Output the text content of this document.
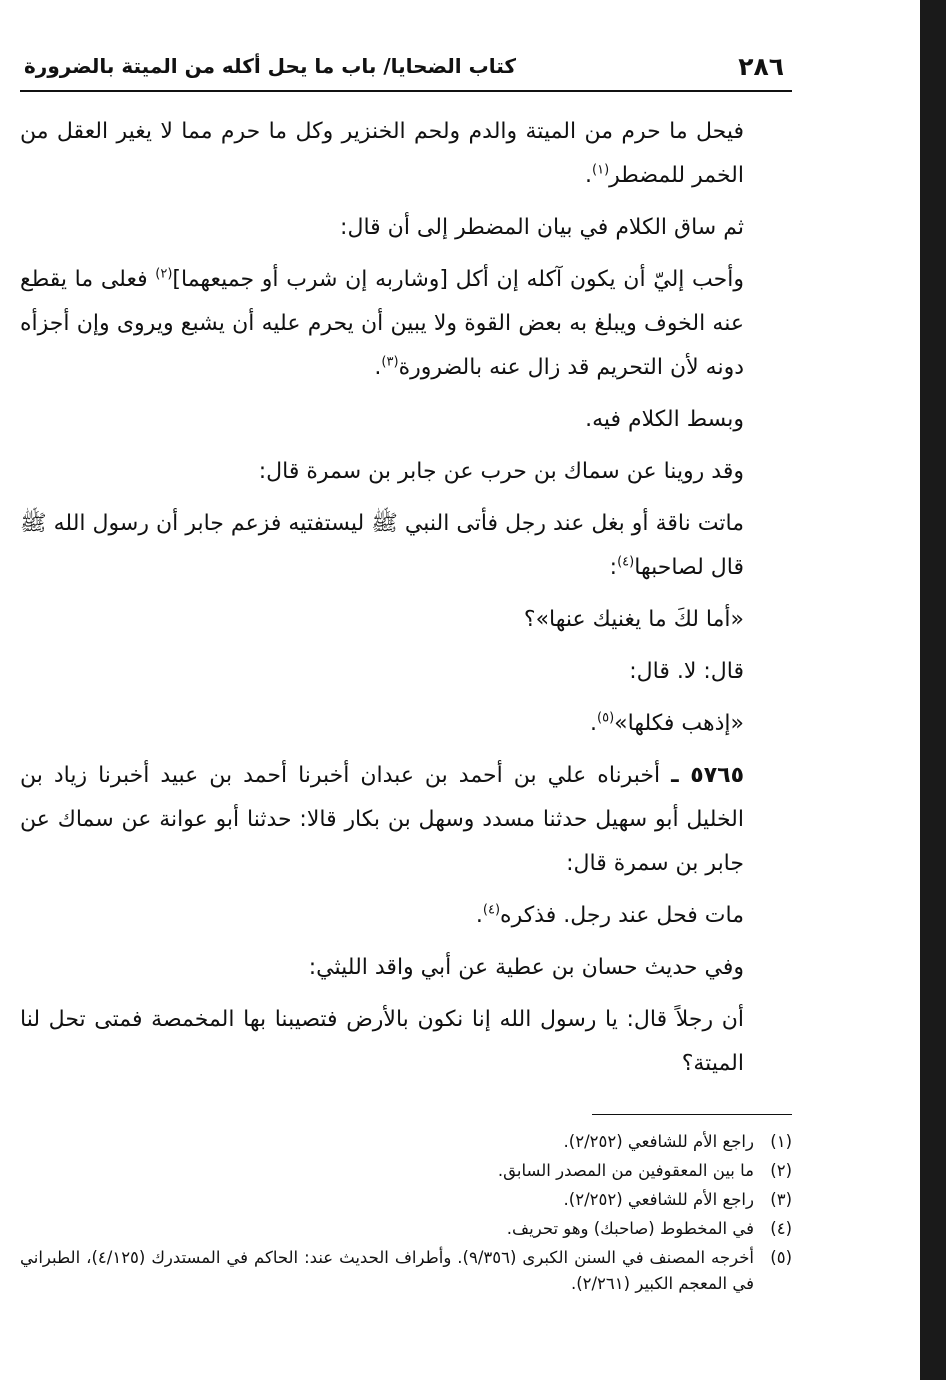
٢٨٦
كتاب الضحايا/ باب ما يحل أكله من الميتة بالضرورة

فيحل ما حرم من الميتة والدم ولحم الخنزير وكل ما حرم مما لا يغير العقل من الخمر للمضطر$^{(١)}$.

ثم ساق الكلام في بيان المضطر إلى أن قال:

وأحب إليّ أن يكون آكله إن أكل [وشاربه إن شرب أو جميعهما]$^{(٢)}$ فعلى ما يقطع عنه الخوف ويبلغ به بعض القوة ولا يبين أن يحرم عليه أن يشبع ويروى وإن أجزأه دونه لأن التحريم قد زال عنه بالضرورة$^{(٣)}$.

وبسط الكلام فيه.

وقد روينا عن سماك بن حرب عن جابر بن سمرة قال:

ماتت ناقة أو بغل عند رجل فأتى النبي ﷺ ليستفتيه فزعم جابر أن رسول الله ﷺ قال لصاحبها$^{(٤)}$:

«أما لكَ ما يغنيك عنها»؟

قال: لا. قال:

«إذهب فكلها»$^{(٥)}$.

٥٧٦٥ ـ أخبرناه علي بن أحمد بن عبدان أخبرنا أحمد بن عبيد أخبرنا زياد بن الخليل أبو سهيل حدثنا مسدد وسهل بن بكار قالا: حدثنا أبو عوانة عن سماك عن جابر بن سمرة قال:

مات فحل عند رجل. فذكره$^{(٤)}$.

وفي حديث حسان بن عطية عن أبي واقد الليثي:

أن رجلاً قال: يا رسول الله إنا نكون بالأرض فتصيبنا بها المخمصة فمتى تحل لنا الميتة؟

(١)
راجع الأم للشافعي (٢/٢٥٢).
(٢)
ما بين المعقوفين من المصدر السابق.
(٣)
راجع الأم للشافعي (٢/٢٥٢).
(٤)
في المخطوط (صاحبك) وهو تحريف.
(٥)
أخرجه المصنف في السنن الكبرى (٩/٣٥٦). وأطراف الحديث عند: الحاكم في المستدرك (٤/١٢٥)، الطبراني في المعجم الكبير (٢/٢٦١).
